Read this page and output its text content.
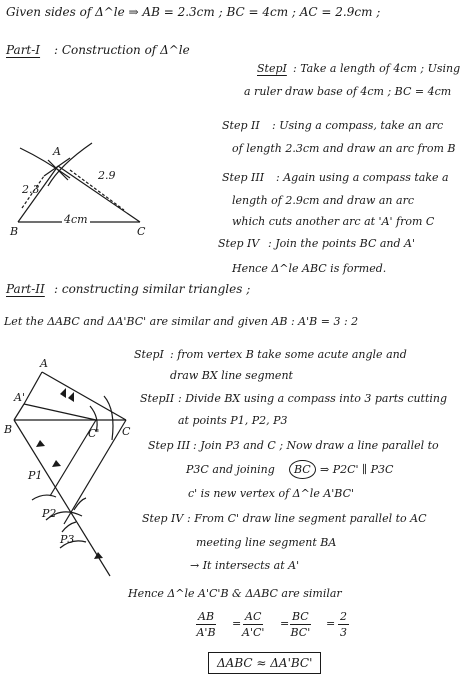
Given sides of Δ^le ⇒ AB = 2.3cm ; BC = 4cm ; AC = 2.9cm ;
Part-I : Construction of Δ^le
StepI : Take a length of 4cm ; Using
a ruler draw base of 4cm ; BC = 4cm
Step II : Using a compass, take an arc
of length 2.3cm and draw an arc from B
Step III : Again using a compass take a
length of 2.9cm and draw an arc
which cuts another arc at 'A' from C
Step IV : Join the points BC and A'
Hence Δ^le ABC is formed.
A
B	C
2.3
2.9
4cm
Part-II : constructing similar triangles ;
Let the ΔABC and ΔA'BC' are similar and given AB : A'B = 3 : 2
StepI : from vertex B take some acute angle and
draw BX line segment
StepII : Divide BX using a compass into 3 parts cutting
at points P1, P2, P3
Step III : Join P3 and C ; Now draw a line parallel to
P3C and joining	BC ⇒ P2C' ∥ P3C
c' is new vertex of Δ^le A'BC'
Step IV : From C' draw line segment parallel to AC
meeting line segment BA
→ It intersects at A'
Hence Δ^le A'C'B & ΔABC are similar
$\frac{AB}{A'B} = \frac{AC}{A'C'} = \frac{BC}{BC'} = \frac{2}{3}$
ΔABC ≈ ΔA'BC'
A
A'
B	C
C'
P1
P2
P3
